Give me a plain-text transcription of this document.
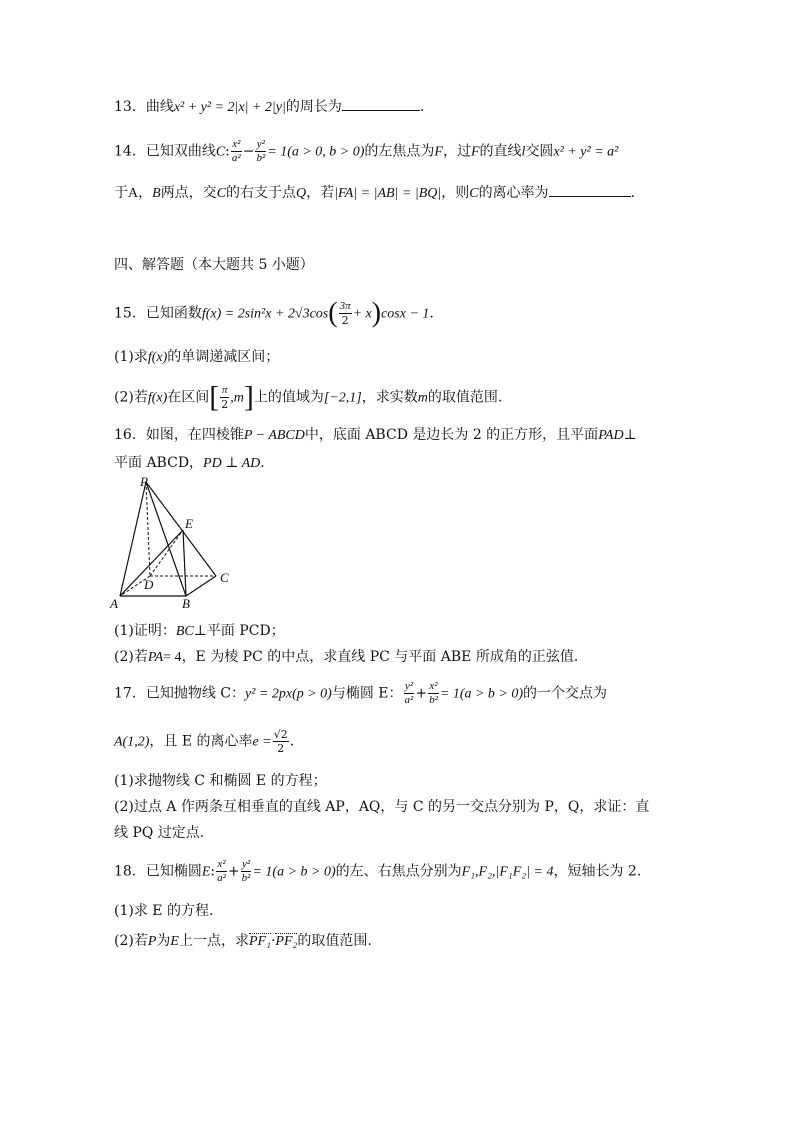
13．曲线x² + y² = 2|x| + 2|y|的周长为	.
14．已知双曲线C: $\frac{\text{x²}}{\text{a²}} - \frac{\text{y²}}{\text{b²}} = 1(a > 0$, b > 0)的左焦点为F，过F的直线l交圆x² + y² = a²
于A，B两点，交C的右支于点Q，若|FA| = |AB| = |BQ|，则C的离心率为	.
四、解答题（本大题共 5 小题）
15．已知函数$f(x) = 2\sin^2x + 2√3\cos( \frac{3\pi}{2} + x)\cos x - 1$.
(1)求f(x)的单调递减区间；
(2)若f(x)在区间[ $\frac{\pi}{2} ,m$]上的值域为[−2,1]，求实数m的取值范围.
16．如图，在四棱锥P − ABCD中，底面 ABCD 是边长为 2 的正方形，且平面PAD⊥
平面 ABCD，PD ⊥ AD．
P
E
C
D
A	B
(1)证明：BC⊥平面 PCD；
(2)若PA= 4，E 为棱 PC 的中点，求直线 PC 与平面 ABE 所成角的正弦值．
17．已知抛物线 C：y² = 2px(p > 0)与椭圆 E： $\frac{\text{y²}}{\text{a²}} + \frac{\text{x²}}{\text{b²}} = 1(a > b > 0)$的一个交点为
A(1,2)，且 E 的离心率$e = \frac{√2}{2}$ .
(1)求抛物线 C 和椭圆 E 的方程；
(2)过点 A 作两条互相垂直的直线 AP，AQ，与 C 的另一交点分别为 P，Q，求证：直
线 PQ 过定点.
18．已知椭圆E: $\frac{\text{x²}}{\text{a²}} + \frac{\text{y²}}{\text{b²}} = 1(a > b > 0)$的左、右焦点分别为F₁,F₂,|F₁F₂| = 4，短轴长为 2.
(1)求 E 的方程.
(2)若P为E上一点，求PF₁·PF₂的取值范围.
